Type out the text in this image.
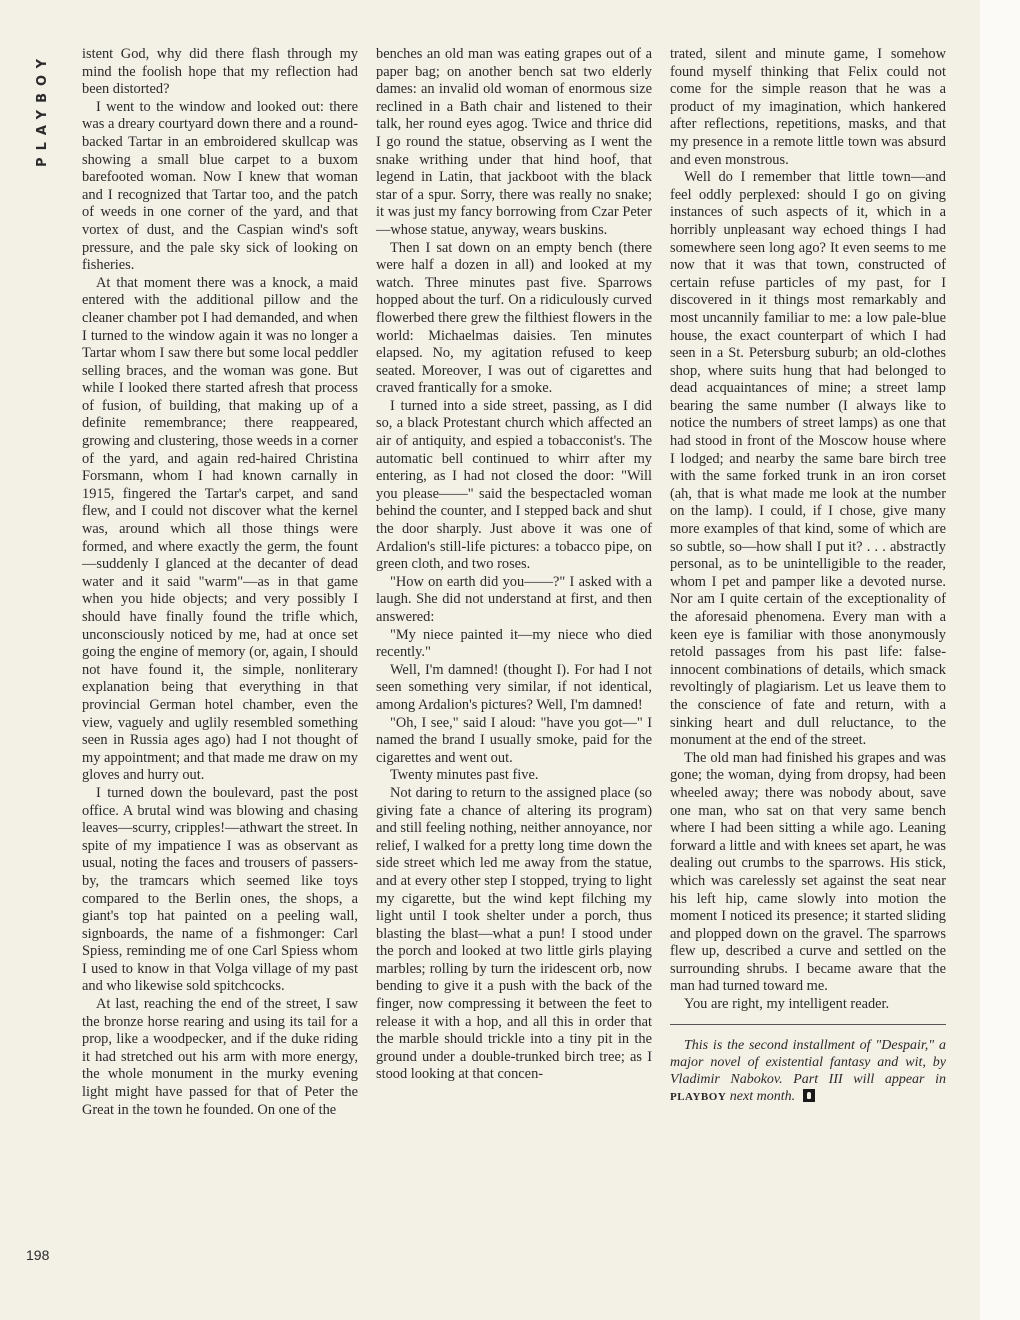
PLAYBOY	istent God, why did there flash through my mind the foolish hope that my reflection had been distorted?

I went to the window and looked out: there was a dreary courtyard down there and a round-backed Tartar in an embroidered skullcap was showing a small blue carpet to a buxom barefooted woman. Now I knew that woman and I recognized that Tartar too, and the patch of weeds in one corner of the yard, and that vortex of dust, and the Caspian wind's soft pressure, and the pale sky sick of looking on fisheries.

At that moment there was a knock, a maid entered with the additional pillow and the cleaner chamber pot I had demanded, and when I turned to the window again it was no longer a Tartar whom I saw there but some local peddler selling braces, and the woman was gone. But while I looked there started afresh that process of fusion, of building, that making up of a definite remembrance; there reappeared, growing and clustering, those weeds in a corner of the yard, and again red-haired Christina Forsmann, whom I had known carnally in 1915, fingered the Tartar's carpet, and sand flew, and I could not discover what the kernel was, around which all those things were formed, and where exactly the germ, the fount—suddenly I glanced at the decanter of dead water and it said "warm"—as in that game when you hide objects; and very possibly I should have finally found the trifle which, unconsciously noticed by me, had at once set going the engine of memory (or, again, I should not have found it, the simple, nonliterary explanation being that everything in that provincial German hotel chamber, even the view, vaguely and uglily resembled something seen in Russia ages ago) had I not thought of my appointment; and that made me draw on my gloves and hurry out.

I turned down the boulevard, past the post office. A brutal wind was blowing and chasing leaves—scurry, cripples!—athwart the street. In spite of my impatience I was as observant as usual, noting the faces and trousers of passers-by, the tramcars which seemed like toys compared to the Berlin ones, the shops, a giant's top hat painted on a peeling wall, signboards, the name of a fishmonger: Carl Spiess, reminding me of one Carl Spiess whom I used to know in that Volga village of my past and who likewise sold spitchcocks.

At last, reaching the end of the street, I saw the bronze horse rearing and using its tail for a prop, like a woodpecker, and if the duke riding it had stretched out his arm with more energy, the whole monument in the murky evening light might have passed for that of Peter the Great in the town he founded. On one of the

benches an old man was eating grapes out of a paper bag; on another bench sat two elderly dames: an invalid old woman of enormous size reclined in a Bath chair and listened to their talk, her round eyes agog. Twice and thrice did I go round the statue, observing as I went the snake writhing under that hind hoof, that legend in Latin, that jackboot with the black star of a spur. Sorry, there was really no snake; it was just my fancy borrowing from Czar Peter—whose statue, anyway, wears buskins.

Then I sat down on an empty bench (there were half a dozen in all) and looked at my watch. Three minutes past five. Sparrows hopped about the turf. On a ridiculously curved flowerbed there grew the filthiest flowers in the world: Michaelmas daisies. Ten minutes elapsed. No, my agitation refused to keep seated. Moreover, I was out of cigarettes and craved frantically for a smoke.

I turned into a side street, passing, as I did so, a black Protestant church which affected an air of antiquity, and espied a tobacconist's. The automatic bell continued to whirr after my entering, as I had not closed the door: "Will you please——" said the bespectacled woman behind the counter, and I stepped back and shut the door sharply. Just above it was one of Ardalion's still-life pictures: a tobacco pipe, on green cloth, and two roses.

"How on earth did you——?" I asked with a laugh. She did not understand at first, and then answered:

"My niece painted it—my niece who died recently."

Well, I'm damned! (thought I). For had I not seen something very similar, if not identical, among Ardalion's pictures? Well, I'm damned!

"Oh, I see," said I aloud: "have you got—" I named the brand I usually smoke, paid for the cigarettes and went out.

Twenty minutes past five.

Not daring to return to the assigned place (so giving fate a chance of altering its program) and still feeling nothing, neither annoyance, nor relief, I walked for a pretty long time down the side street which led me away from the statue, and at every other step I stopped, trying to light my cigarette, but the wind kept filching my light until I took shelter under a porch, thus blasting the blast—what a pun! I stood under the porch and looked at two little girls playing marbles; rolling by turn the iridescent orb, now bending to give it a push with the back of the finger, now compressing it between the feet to release it with a hop, and all this in order that the marble should trickle into a tiny pit in the ground under a double-trunked birch tree; as I stood looking at that concen-

trated, silent and minute game, I somehow found myself thinking that Felix could not come for the simple reason that he was a product of my imagination, which hankered after reflections, repetitions, masks, and that my presence in a remote little town was absurd and even monstrous.

Well do I remember that little town—and feel oddly perplexed: should I go on giving instances of such aspects of it, which in a horribly unpleasant way echoed things I had somewhere seen long ago? It even seems to me now that it was that town, constructed of certain refuse particles of my past, for I discovered in it things most remarkably and most uncannily familiar to me: a low pale-blue house, the exact counterpart of which I had seen in a St. Petersburg suburb; an old-clothes shop, where suits hung that had belonged to dead acquaintances of mine; a street lamp bearing the same number (I always like to notice the numbers of street lamps) as one that had stood in front of the Moscow house where I lodged; and nearby the same bare birch tree with the same forked trunk in an iron corset (ah, that is what made me look at the number on the lamp). I could, if I chose, give many more examples of that kind, some of which are so subtle, so—how shall I put it? . . . abstractly personal, as to be unintelligible to the reader, whom I pet and pamper like a devoted nurse. Nor am I quite certain of the exceptionality of the aforesaid phenomena. Every man with a keen eye is familiar with those anonymously retold passages from his past life: false-innocent combinations of details, which smack revoltingly of plagiarism. Let us leave them to the conscience of fate and return, with a sinking heart and dull reluctance, to the monument at the end of the street.

The old man had finished his grapes and was gone; the woman, dying from dropsy, had been wheeled away; there was nobody about, save one man, who sat on that very same bench where I had been sitting a while ago. Leaning forward a little and with knees set apart, he was dealing out crumbs to the sparrows. His stick, which was carelessly set against the seat near his left hip, came slowly into motion the moment I noticed its presence; it started sliding and plopped down on the gravel. The sparrows flew up, described a curve and settled on the surrounding shrubs. I became aware that the man had turned toward me.

You are right, my intelligent reader.

This is the second installment of "Despair," a major novel of existential fantasy and wit, by Vladimir Nabokov. Part III will appear in PLAYBOY next month.
198
